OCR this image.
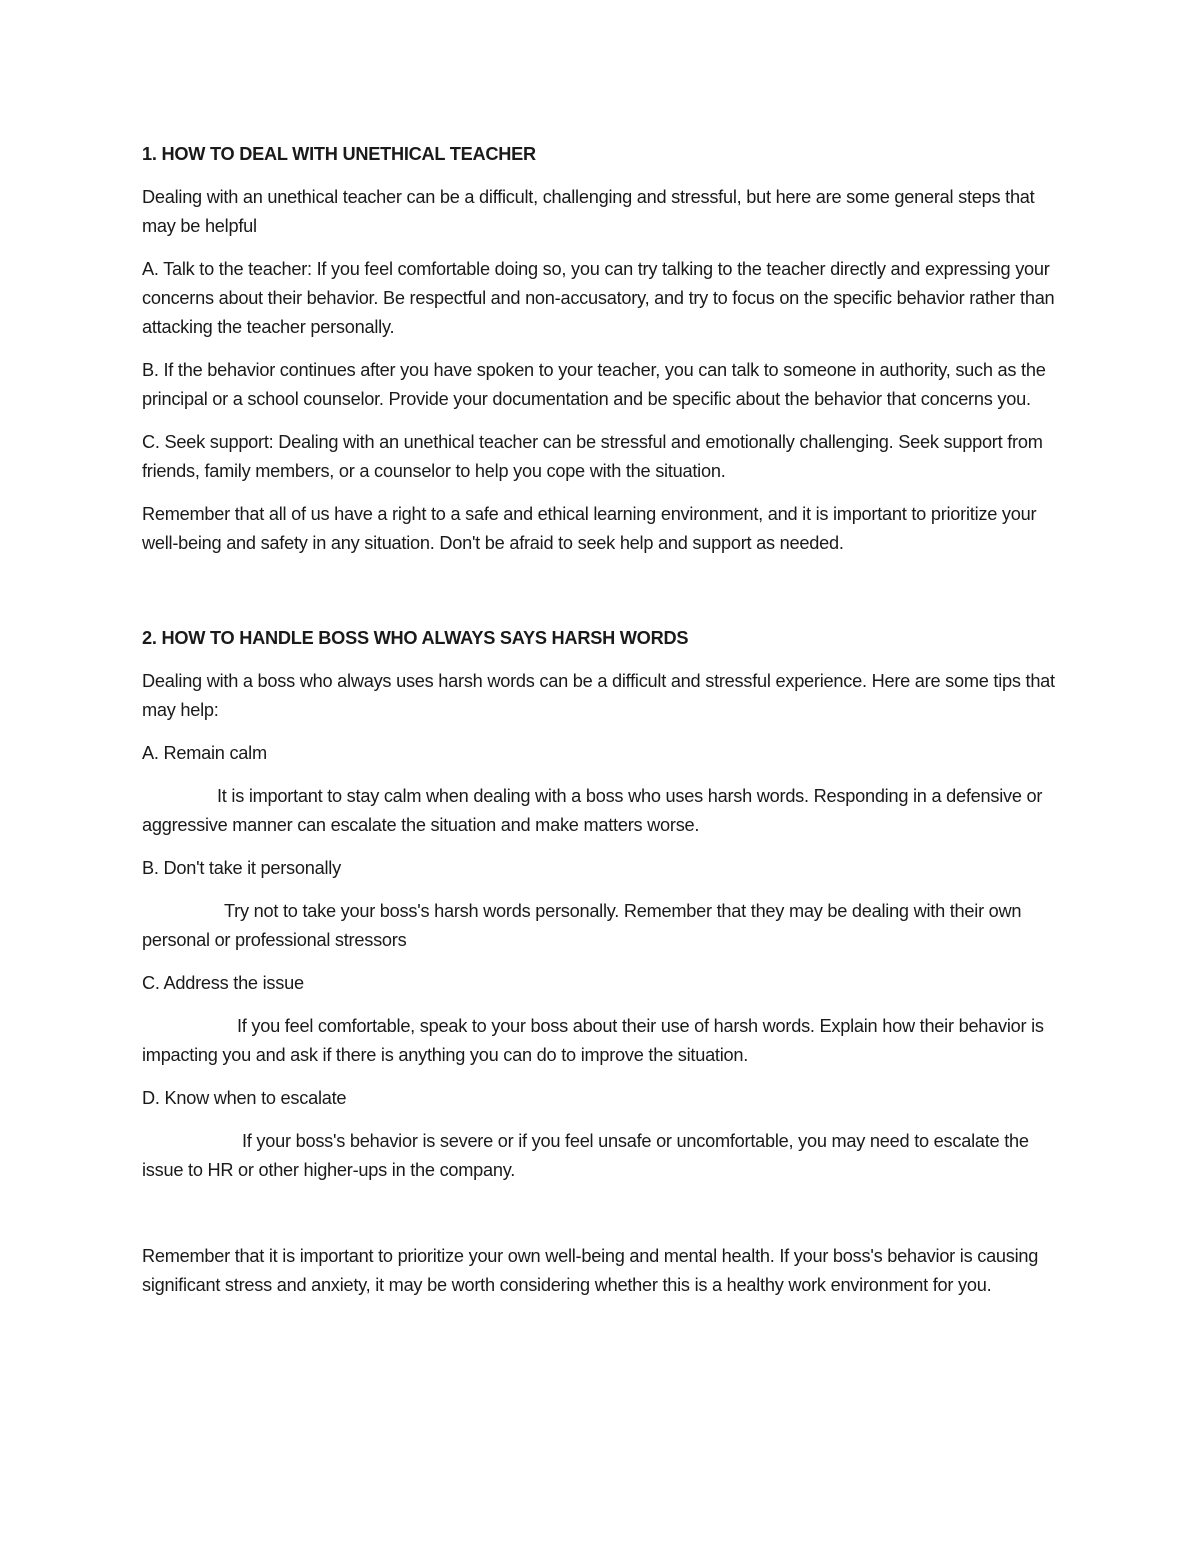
1. HOW TO DEAL WITH UNETHICAL TEACHER
Dealing with an unethical teacher can be a difficult, challenging and stressful, but here are some general steps that may be helpful
A. Talk to the teacher: If you feel comfortable doing so, you can try talking to the teacher directly and expressing your concerns about their behavior. Be respectful and non-accusatory, and try to focus on the specific behavior rather than attacking the teacher personally.
B. If the behavior continues after you have spoken to your teacher, you can talk to someone in authority, such as the principal or a school counselor. Provide your documentation and be specific about the behavior that concerns you.
C. Seek support: Dealing with an unethical teacher can be stressful and emotionally challenging. Seek support from friends, family members, or a counselor to help you cope with the situation.
Remember that all of us have a right to a safe and ethical learning environment, and it is important to prioritize your well-being and safety in any situation. Don't be afraid to seek help and support as needed.
2. HOW TO HANDLE BOSS WHO ALWAYS SAYS HARSH WORDS
Dealing with a boss who always uses harsh words can be a difficult and stressful experience. Here are some tips that may help:
A. Remain calm
It is important to stay calm when dealing with a boss who uses harsh words. Responding in a defensive or aggressive manner can escalate the situation and make matters worse.
B. Don't take it personally
Try not to take your boss's harsh words personally. Remember that they may be dealing with their own personal or professional stressors
C. Address the issue
If you feel comfortable, speak to your boss about their use of harsh words. Explain how their behavior is impacting you and ask if there is anything you can do to improve the situation.
D. Know when to escalate
If your boss's behavior is severe or if you feel unsafe or uncomfortable, you may need to escalate the issue to HR or other higher-ups in the company.
Remember that it is important to prioritize your own well-being and mental health. If your boss's behavior is causing significant stress and anxiety, it may be worth considering whether this is a healthy work environment for you.
